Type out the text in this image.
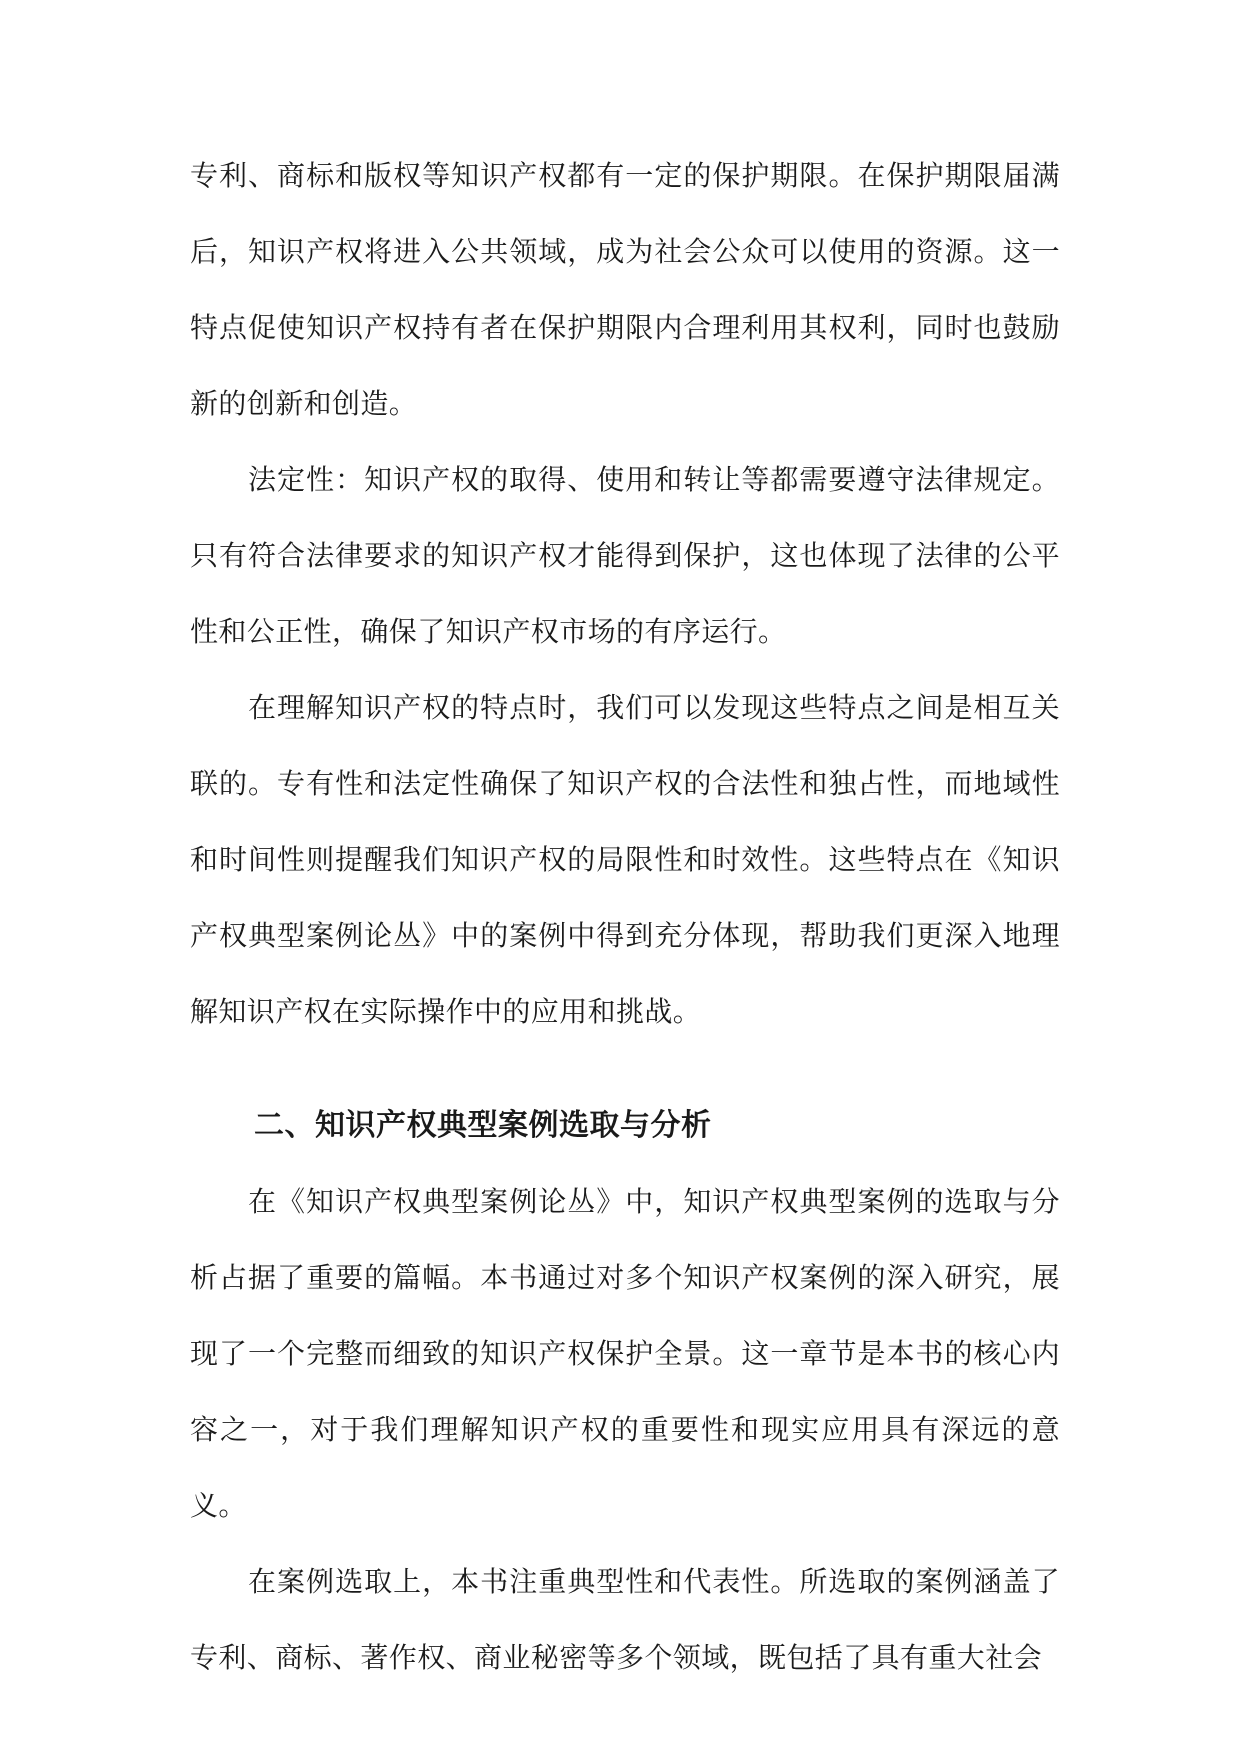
专利、商标和版权等知识产权都有一定的保护期限。在保护期限届满后，知识产权将进入公共领域，成为社会公众可以使用的资源。这一特点促使知识产权持有者在保护期限内合理利用其权利，同时也鼓励新的创新和创造。

法定性：知识产权的取得、使用和转让等都需要遵守法律规定。只有符合法律要求的知识产权才能得到保护，这也体现了法律的公平性和公正性，确保了知识产权市场的有序运行。

在理解知识产权的特点时，我们可以发现这些特点之间是相互关联的。专有性和法定性确保了知识产权的合法性和独占性，而地域性和时间性则提醒我们知识产权的局限性和时效性。这些特点在《知识产权典型案例论丛》中的案例中得到充分体现，帮助我们更深入地理解知识产权在实际操作中的应用和挑战。

二、知识产权典型案例选取与分析

在《知识产权典型案例论丛》中，知识产权典型案例的选取与分析占据了重要的篇幅。本书通过对多个知识产权案例的深入研究，展现了一个完整而细致的知识产权保护全景。这一章节是本书的核心内容之一，对于我们理解知识产权的重要性和现实应用具有深远的意义。

在案例选取上，本书注重典型性和代表性。所选取的案例涵盖了专利、商标、著作权、商业秘密等多个领域，既包括了具有重大社会
